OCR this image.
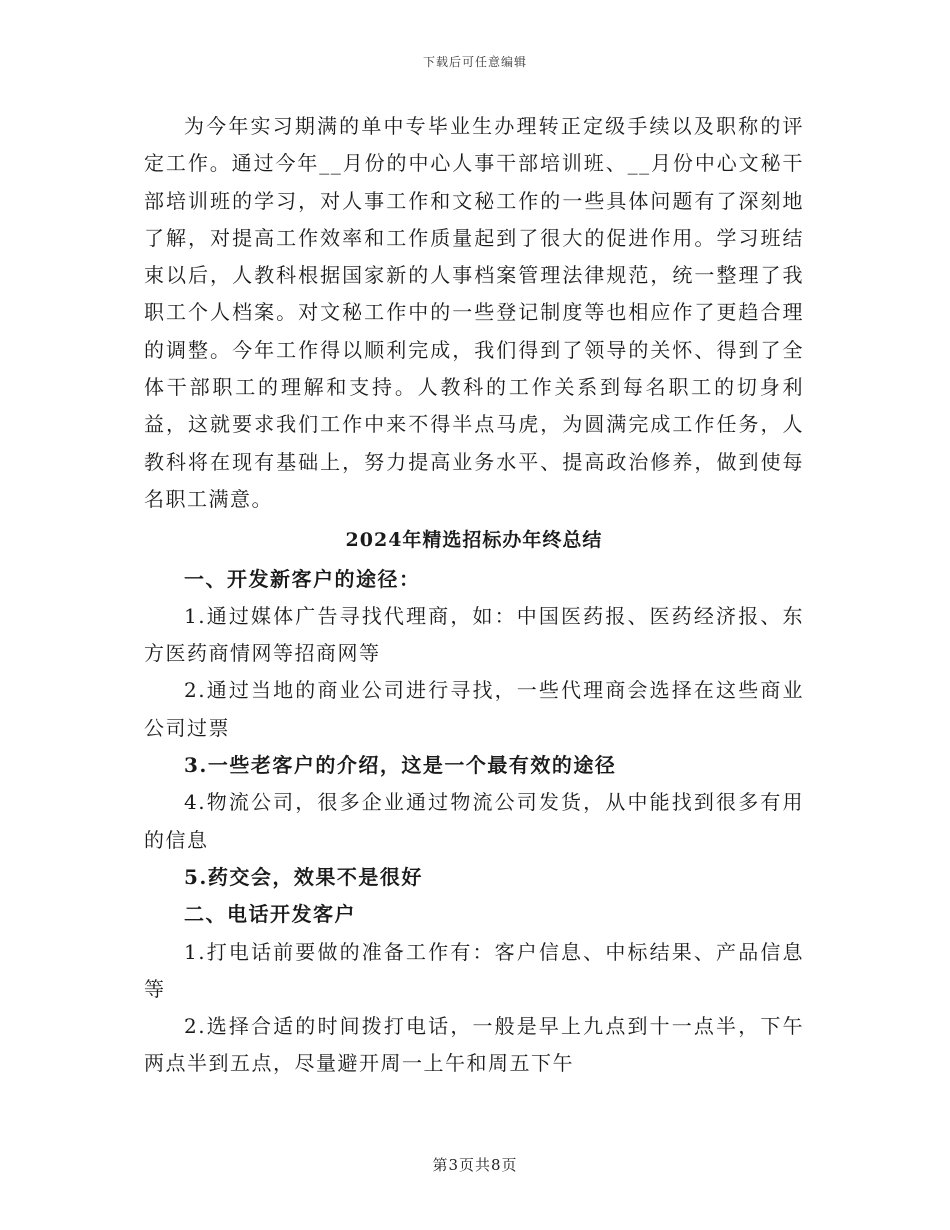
下载后可任意编辑

为今年实习期满的单中专毕业生办理转正定级手续以及职称的评定工作。通过今年__月份的中心人事干部培训班、__月份中心文秘干部培训班的学习，对人事工作和文秘工作的一些具体问题有了深刻地了解，对提高工作效率和工作质量起到了很大的促进作用。学习班结束以后，人教科根据国家新的人事档案管理法律规范，统一整理了我职工个人档案。对文秘工作中的一些登记制度等也相应作了更趋合理的调整。今年工作得以顺利完成，我们得到了领导的关怀、得到了全体干部职工的理解和支持。人教科的工作关系到每名职工的切身利益，这就要求我们工作中来不得半点马虎，为圆满完成工作任务，人教科将在现有基础上，努力提高业务水平、提高政治修养，做到使每名职工满意。

2024年精选招标办年终总结

一、开发新客户的途径：

1.通过媒体广告寻找代理商，如：中国医药报、医药经济报、东方医药商情网等招商网等

2.通过当地的商业公司进行寻找，一些代理商会选择在这些商业公司过票

3.一些老客户的介绍，这是一个最有效的途径

4.物流公司，很多企业通过物流公司发货，从中能找到很多有用的信息

5.药交会，效果不是很好

二、电话开发客户

1.打电话前要做的准备工作有：客户信息、中标结果、产品信息等

2.选择合适的时间拨打电话，一般是早上九点到十一点半，下午两点半到五点，尽量避开周一上午和周五下午

第3页共8页
